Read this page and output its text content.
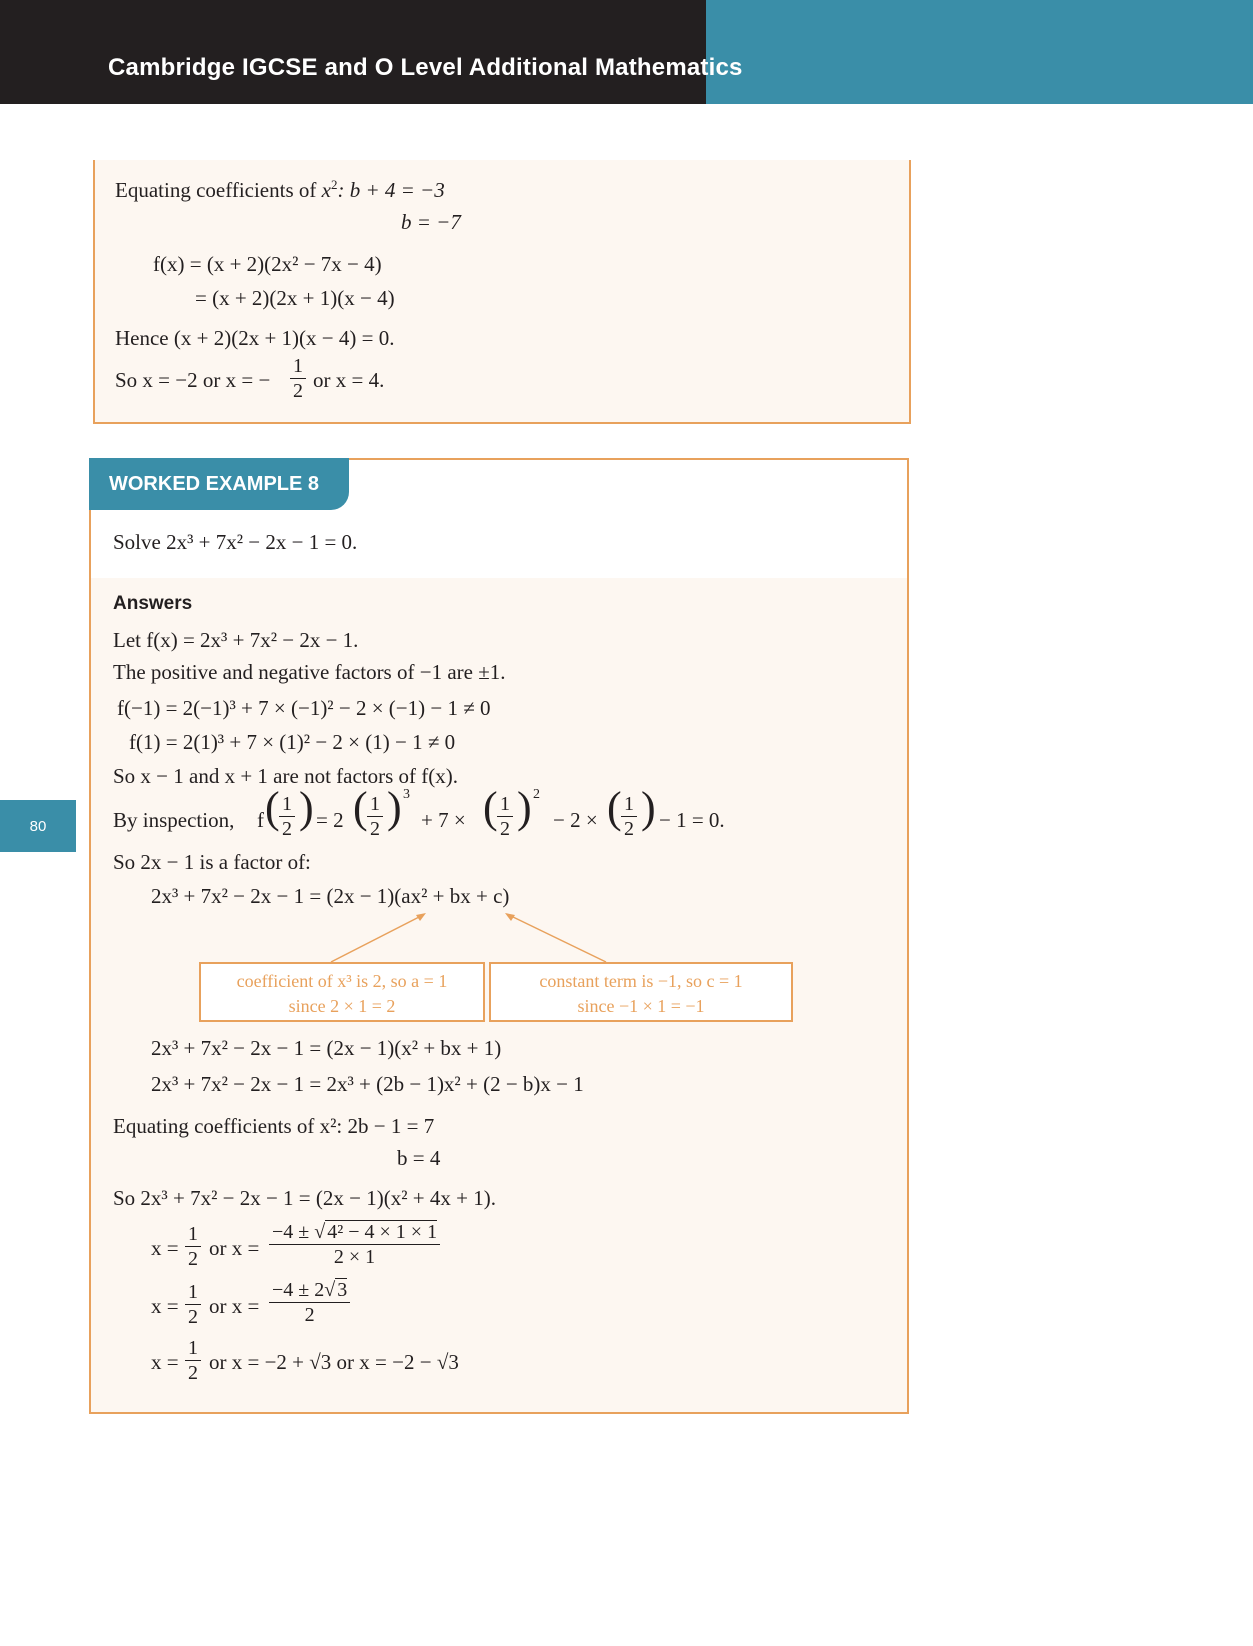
Cambridge IGCSE and O Level Additional Mathematics
80
Equating coefficients of $x^2$: b + 4 = −3
b = −7
f(x) = (x + 2)(2x² − 7x − 4)
= (x + 2)(2x + 1)(x − 4)
Hence (x + 2)(2x + 1)(x − 4) = 0.
So x = −2 or x = −
1
2 or x = 4.
WORKED EXAMPLE 8
Solve 2x³ + 7x² − 2x − 1 = 0.
Answers
Let f(x) = 2x³ + 7x² − 2x − 1.
The positive and negative factors of −1 are ±1.
f(−1) = 2(−1)³ + 7 × (−1)² − 2 × (−1) − 1 ≠ 0
f(1) = 2(1)³ + 7 × (1)² − 2 × (1) − 1 ≠ 0
So x − 1 and x + 1 are not factors of f(x).
By inspection, f ( 1
2 ) = 2 ( 1
2 ) 3
+ 7 × ( 1
2 ) 2
− 2 × ( 1
2 ) − 1 = 0.
So 2x − 1 is a factor of:
2x³ + 7x² − 2x − 1 = (2x − 1)(ax² + bx + c)
coefficient of x³ is 2, so a = 1
since 2 × 1 = 2
constant term is −1, so c = 1
since −1 × 1 = −1
2x³ + 7x² − 2x − 1 = (2x − 1)(x² + bx + 1)
2x³ + 7x² − 2x − 1 = 2x³ + (2b − 1)x² + (2 − b)x − 1
Equating coefficients of x²: 2b − 1 = 7
b = 4
So 2x³ + 7x² − 2x − 1 = (2x − 1)(x² + 4x + 1).
x =
1
2 or x =
−4 ± √ 4² − 4 × 1 × 1
2 × 1
x =
1
2 or x =
−4 ± 2√ 3
2
x =
1
2 or x = −2 + √3 or x = −2 − √3
